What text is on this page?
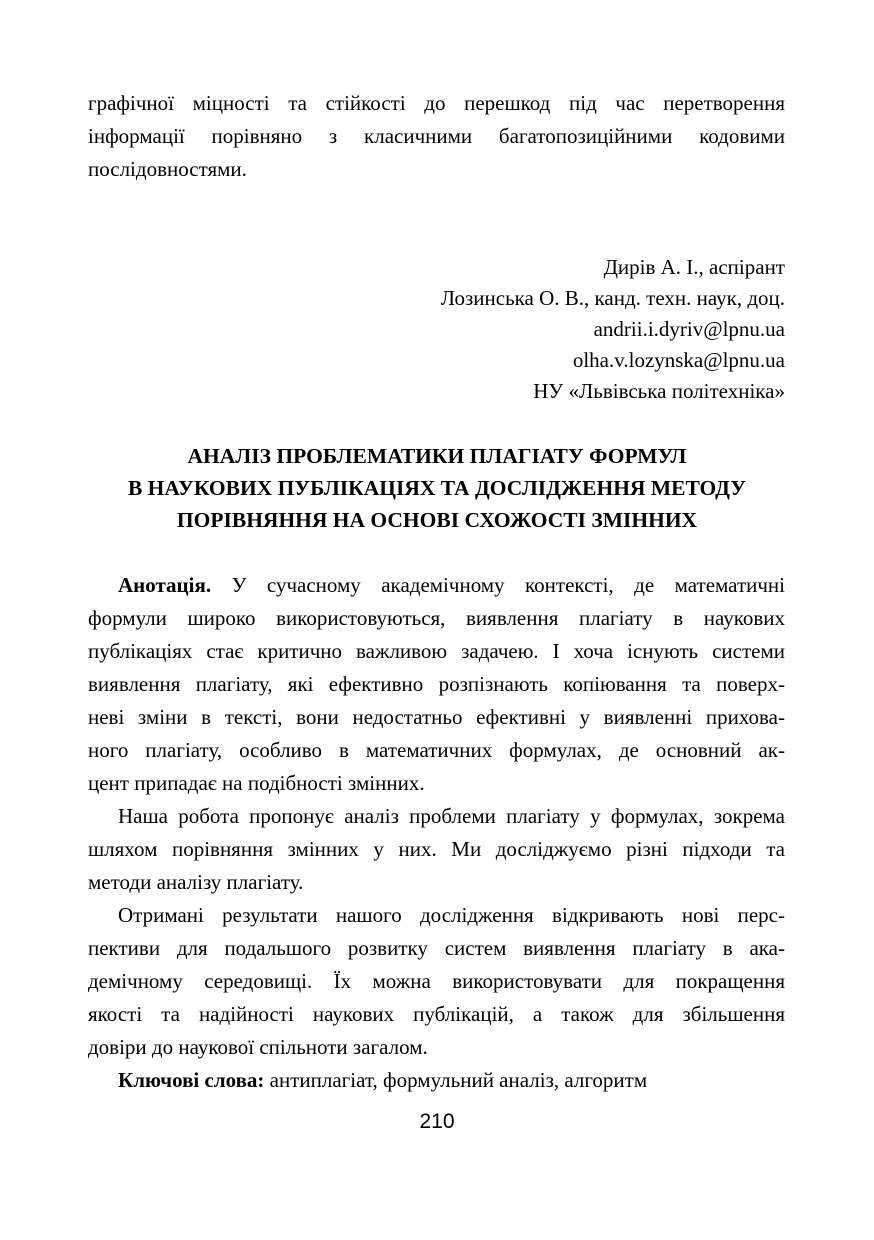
графічної міцності та стійкості до перешкод під час перетворення
інформації порівняно з класичними багатопозиційними кодовими
послідовностями.
Дирів А. І., аспірант
Лозинська О. В., канд. техн. наук, доц.
andrii.i.dyriv@lpnu.ua
olha.v.lozynska@lpnu.ua
НУ «Львівська політехніка»
АНАЛІЗ ПРОБЛЕМАТИКИ ПЛАГІАТУ ФОРМУЛ
В НАУКОВИХ ПУБЛІКАЦІЯХ ТА ДОСЛІДЖЕННЯ МЕТОДУ
ПОРІВНЯННЯ НА ОСНОВІ СХОЖОСТІ ЗМІННИХ
Анотація. У сучасному академічному контексті, де математичні
формули широко використовуються, виявлення плагіату в наукових
публікаціях стає критично важливою задачею. І хоча існують системи
виявлення плагіату, які ефективно розпізнають копіювання та поверх-
неві зміни в тексті, вони недостатньо ефективні у виявленні прихова-
ного плагіату, особливо в математичних формулах, де основний ак-
цент припадає на подібності змінних.
Наша робота пропонує аналіз проблеми плагіату у формулах, зокрема
шляхом порівняння змінних у них. Ми досліджуємо різні підходи та
методи аналізу плагіату.
Отримані результати нашого дослідження відкривають нові перс-
пективи для подальшого розвитку систем виявлення плагіату в ака-
демічному середовищі. Їх можна використовувати для покращення
якості та надійності наукових публікацій, а також для збільшення
довіри до наукової спільноти загалом.
Ключові слова: антиплагіат, формульний аналіз, алгоритм
210
